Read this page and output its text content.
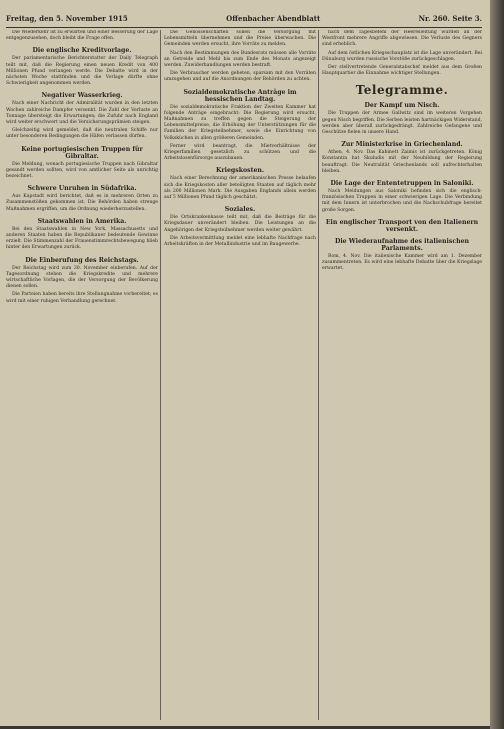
Freitag, den 5. November 1915	Offenbacher Abendblatt	Nr. 260. Seite 3.

Die Wiederkehr ist zu erwarten und einer Besserung der Lage entgegenzusehen, doch bleibt die Frage offen.

Die englische Kreditvorlage.

Der parlamentarische Berichterstatter der Daily Telegraph teilt mit, daß die Regierung einen neuen Kredit von 400 Millionen Pfund verlangen werde. Die Debatte wird in der nächsten Woche stattfinden und die Vorlage dürfte ohne Schwierigkeit angenommen werden.

Negativer Wasserkrieg.

Nach einer Nachricht der Admiralität wurden in den letzten Wochen zahlreiche Dampfer versenkt. Die Zahl der Verluste an Tonnage übersteigt die Erwartungen; die Zufuhr nach England wird weiter erschwert und die Versicherungsprämien steigen.

Gleichzeitig wird gemeldet, daß die neutralen Schiffe nur unter besonderen Bedingungen die Häfen verlassen dürfen.

Keine portugiesischen Truppen für Gibraltar.

Die Meldung, wonach portugiesische Truppen nach Gibraltar gesandt werden sollten, wird von amtlicher Seite als unrichtig bezeichnet.

Schwere Unruhen in Südafrika.

Aus Kapstadt wird berichtet, daß es in mehreren Orten zu Zusammenstößen gekommen ist. Die Behörden haben strenge Maßnahmen ergriffen, um die Ordnung wiederherzustellen.

Staatswahlen in Amerika.

Bei den Staatswahlen in New York, Massachusetts und anderen Staaten haben die Republikaner bedeutende Gewinne erzielt. Die Stimmenzahl der Frauenstimmrechtsbewegung blieb hinter den Erwartungen zurück.

Die Einberufung des Reichstags.

Der Reichstag wird zum 30. November einberufen. Auf der Tagesordnung stehen die Kriegskredite und mehrere wirtschaftliche Vorlagen, die der Versorgung der Bevölkerung dienen sollen.

Die Parteien haben bereits ihre Stellungnahme vorbereitet; es wird mit einer ruhigen Verhandlung gerechnet.

Die Genossenschaften sollen die Versorgung mit Lebensmitteln übernehmen und die Preise überwachen. Die Gemeinden werden ersucht, ihre Vorräte zu melden.

Nach den Bestimmungen des Bundesrats müssen alle Vorräte an Getreide und Mehl bis zum Ende des Monats angezeigt werden. Zuwiderhandlungen werden bestraft.

Die Verbraucher werden gebeten, sparsam mit den Vorräten umzugehen und auf die Anordnungen der Behörden zu achten.

Sozialdemokratische Anträge im hessischen Landtag.

Die sozialdemokratische Fraktion der Zweiten Kammer hat folgende Anträge eingebracht: Die Regierung wird ersucht, Maßnahmen zu treffen gegen die Steigerung der Lebensmittelpreise, die Erhöhung der Unterstützungen für die Familien der Kriegsteilnehmer, sowie die Einrichtung von Volksküchen in allen größeren Gemeinden.

Ferner wird beantragt, die Mietverhältnisse der Kriegerfamilien gesetzlich zu schützen und die Arbeitslosenfürsorge auszubauen.

Kriegskosten.

Nach einer Berechnung der amerikanischen Presse belaufen sich die Kriegskosten aller beteiligten Staaten auf täglich mehr als 200 Millionen Mark. Die Ausgaben Englands allein werden auf 5 Millionen Pfund täglich geschätzt.

Soziales.

Die Ortskrankenkasse teilt mit, daß die Beiträge für die Kriegsdauer unverändert bleiben. Die Leistungen an die Angehörigen der Kriegsteilnehmer werden weiter gewährt.

Die Arbeitsvermittlung meldet eine lebhafte Nachfrage nach Arbeitskräften in der Metallindustrie und im Baugewerbe.

nach dem Tagesbefehl der Heeresleitung wurden an der Westfront mehrere Angriffe abgewiesen. Die Verluste des Gegners sind erheblich.

Auf dem östlichen Kriegsschauplatz ist die Lage unverändert. Bei Dünaburg wurden russische Vorstöße zurückgeschlagen.

Der stellvertretende Generalstabschef meldet aus dem Großen Hauptquartier die Einnahme wichtiger Stellungen.

Telegramme.
Der Kampf um Nisch.

Die Truppen der Armee Gallwitz sind im weiteren Vorgehen gegen Nisch begriffen. Die Serben leisten hartnäckigen Widerstand, werden aber überall zurückgedrängt. Zahlreiche Gefangene und Geschütze fielen in unsere Hand.

Zur Ministerkrise in Griechenland.

Athen, 4. Nov. Das Kabinett Zaimis ist zurückgetreten. König Konstantin hat Skuludis mit der Neubildung der Regierung beauftragt. Die Neutralität Griechenlands soll aufrechterhalten bleiben.

Die Lage der Ententetruppen in Saloniki.

Nach Meldungen aus Saloniki befinden sich die englisch-französischen Truppen in einer schwierigen Lage. Die Verbindung mit dem Innern ist unterbrochen und die Nachschubfrage bereitet große Sorgen.

Ein englischer Transport von den Italienern versenkt.
Die Wiederaufnahme des italienischen Parlaments.

Rom, 4. Nov. Die italienische Kammer wird am 1. Dezember zusammentreten. Es wird eine lebhafte Debatte über die Kriegslage erwartet.
